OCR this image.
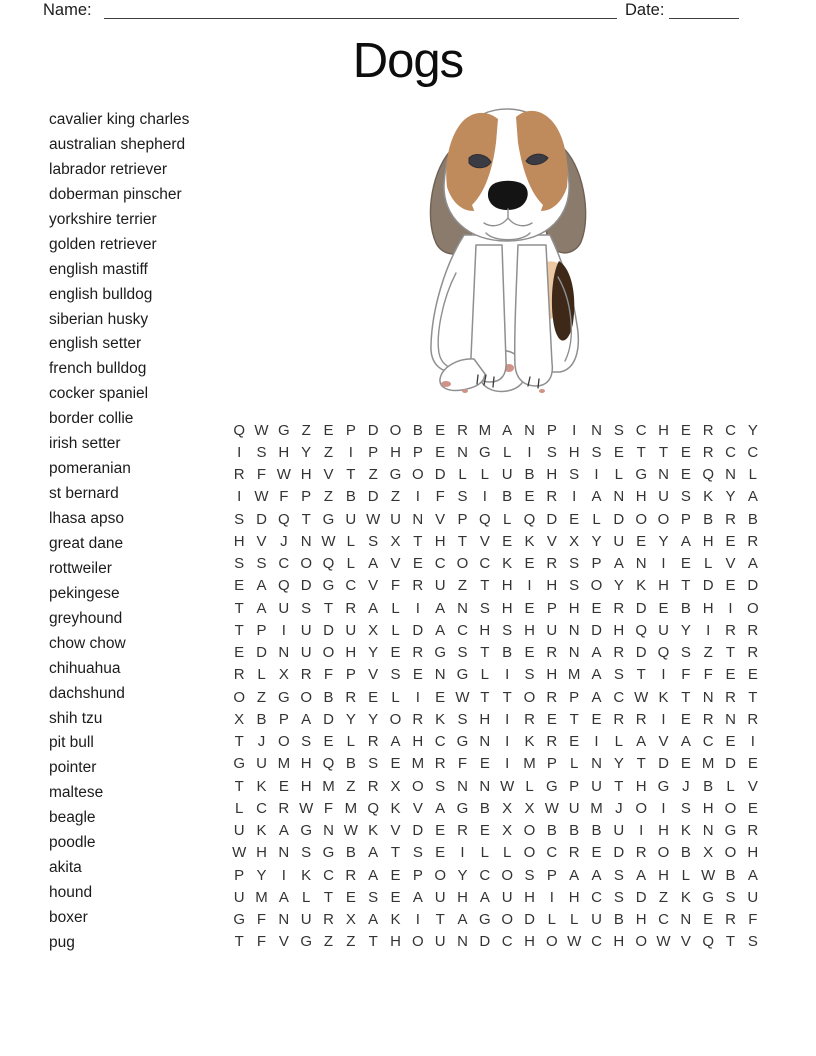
Name:	Date:
Dogs
cavalier king charles
australian shepherd
labrador retriever
doberman pinscher
yorkshire terrier
golden retriever
english mastiff
english bulldog
siberian husky
english setter
french bulldog
cocker spaniel
border collie
irish setter
pomeranian
st bernard
lhasa apso
great dane
rottweiler
pekingese
greyhound
chow chow
chihuahua
dachshund
shih tzu
pit bull
pointer
maltese
beagle
poodle
akita
hound
boxer
pug
Q W G Z E P D O B E R M A N P	I N S C H E R C Y
I	S H Y Z	I	P H P E N G L	I	S H S E T T E R C C
R F W H V T Z G O D L L U B H S	I	L G N E Q N L
I W F P Z B D Z	I	F S	I	B E R I	A N H U S K Y A
S D Q T G U W U N V P Q L Q D E L D O O P B R B
H V J N W L S X T H T V E K V X Y U E Y A H E R
S S C O Q L A V E C O C K E R S P A N I	E L V A
E A Q D G C V F R U Z T H I H S O Y K H T D E D
T A U S T R A L	I	A N S H E P H E R D E B H I O
T P	I U D U X L D A C H S H U N D H Q U Y	I R R
E D N U O H Y E R G S T B E R N A R D Q S Z T R
R L X R F P V S E N G L	I	S H M A S T	I	F F E E
O Z G O B R E L	I	E W T T O R P A C W K T N R T
X B P A D Y Y O R K S H I R E T E R R I	E R N R
T J O S E L R A H C G N I	K R E	I	L A V A C E	I
G U M H Q B S E M R F E	I M P L N Y T D E M D E
T K E H M Z R X O S N N W L G P U T H G J B L V
L C R W F M Q K V A G B X X W U M J O I	S H O E
U K A G N W K V D E R E X O B B B U I H K N G R
W H N S G B A T S E	I	L L O C R E D R O B X O H
P Y	I	K C R A E P O Y C O S P A A S A H L W B A
U M A L T E S E A U H A U H I H C S D Z K G S U
G F N U R X A K	I	T A G O D L L U B H C N E R F
T F V G Z Z T H O U N D C H O W C H O W V Q T S
